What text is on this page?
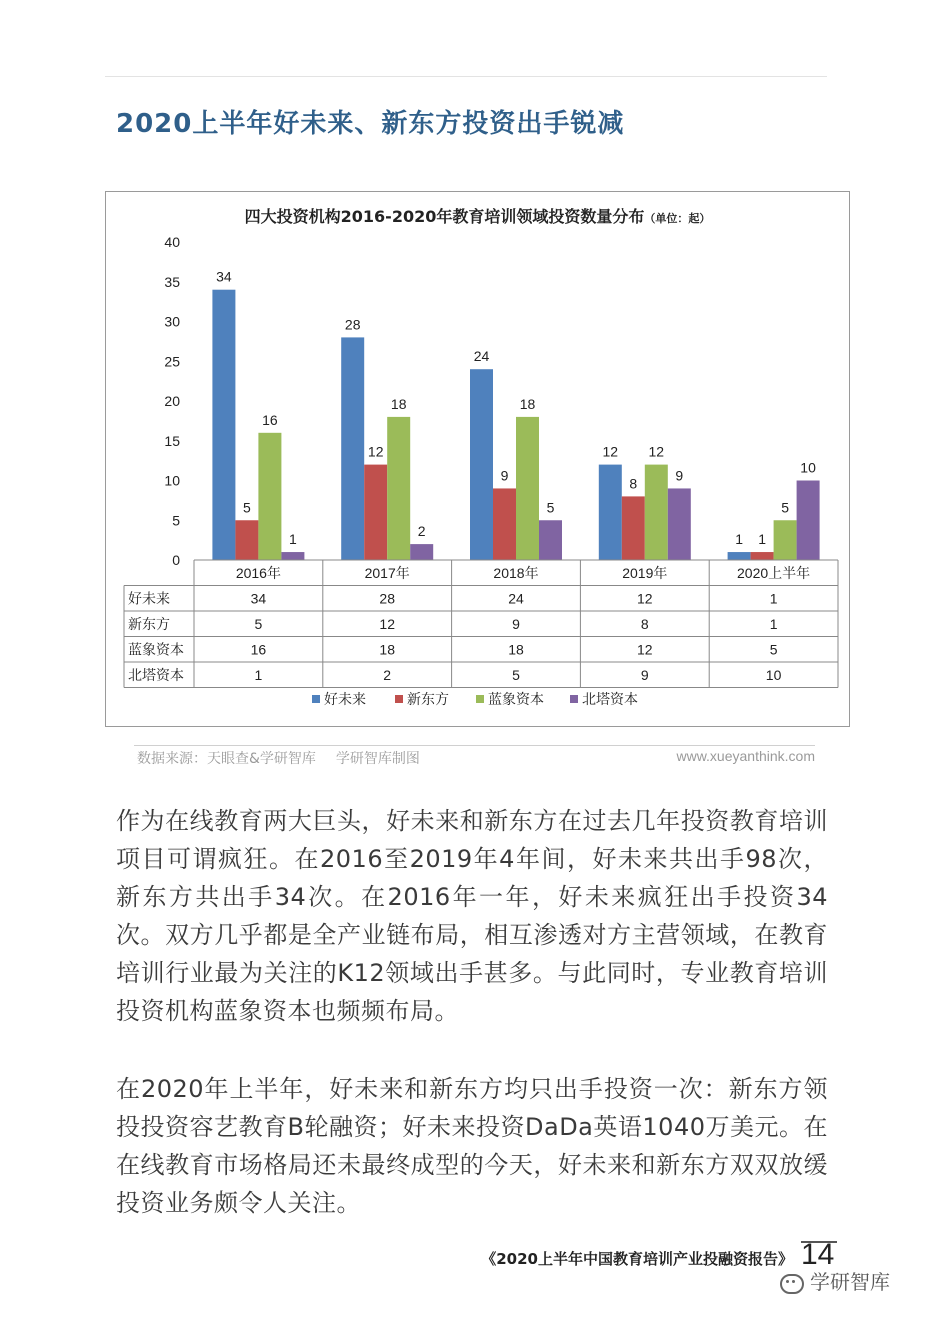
2020上半年好未来、新东方投资出手锐减
四大投资机构2016-2020年教育培训领域投资数量分布（单位：起）
0
5
10
15
20
25
30
35
40
34
28
24
12
1
5
12
9	8
1
16
18	18
12
5
1	2
5
9	10
2016年	2017年	2018年	2019年	2020上半年
好未来	34	28	24	12	1
新东方	5	12	9	8	1
蓝象资本	16	18	18	12	5
北塔资本	1	2	5	9	10
好未来	新东方	蓝象资本	北塔资本
数据来源：天眼查&学研智库 学研智库制图	www.xueyanthink.com
作为在线教育两大巨头，好未来和新东方在过去几年投资教育培训项目可谓疯狂。在2016至2019年4年间，好未来共出手98次，新东方共出手34次。在2016年一年，好未来疯狂出手投资34次。双方几乎都是全产业链布局，相互渗透对方主营领域，在教育培训行业最为关注的K12领域出手甚多。与此同时，专业教育培训投资机构蓝象资本也频频布局。
在2020年上半年，好未来和新东方均只出手投资一次：新东方领投投资容艺教育B轮融资；好未来投资DaDa英语1040万美元。在在线教育市场格局还未最终成型的今天，好未来和新东方双双放缓投资业务颇令人关注。
《2020上半年中国教育培训产业投融资报告》 14
学研智库
